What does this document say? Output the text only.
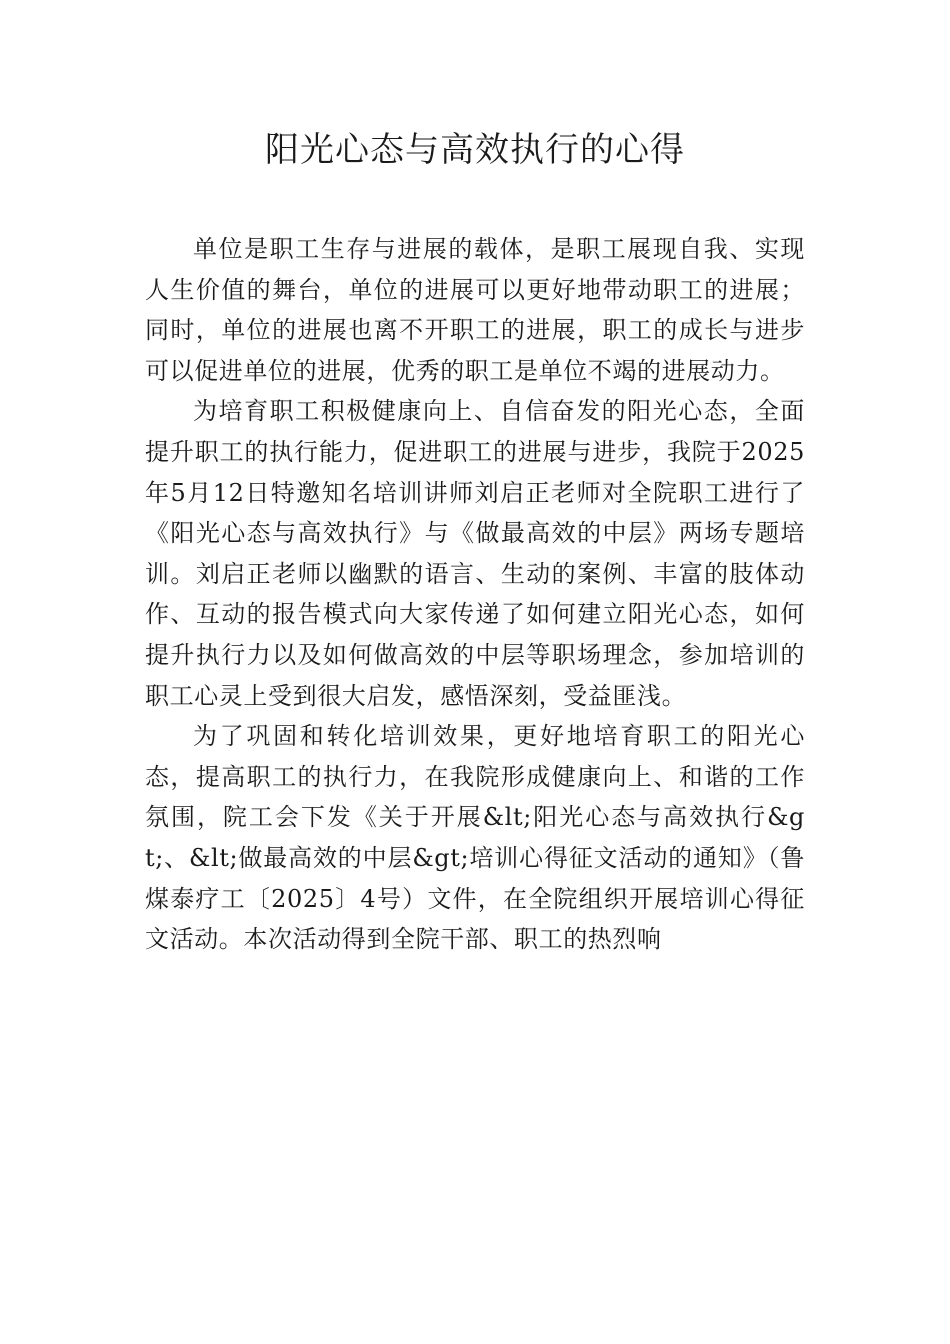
阳光心态与高效执行的心得

单位是职工生存与进展的载体，是职工展现自我、实现人生价值的舞台，单位的进展可以更好地带动职工的进展；同时，单位的进展也离不开职工的进展，职工的成长与进步可以促进单位的进展，优秀的职工是单位不竭的进展动力。

为培育职工积极健康向上、自信奋发的阳光心态，全面提升职工的执行能力，促进职工的进展与进步，我院于2025年5月12日特邀知名培训讲师刘启正老师对全院职工进行了《阳光心态与高效执行》与《做最高效的中层》两场专题培训。刘启正老师以幽默的语言、生动的案例、丰富的肢体动作、互动的报告模式向大家传递了如何建立阳光心态，如何提升执行力以及如何做高效的中层等职场理念，参加培训的职工心灵上受到很大启发，感悟深刻，受益匪浅。

为了巩固和转化培训效果，更好地培育职工的阳光心态，提高职工的执行力，在我院形成健康向上、和谐的工作氛围，院工会下发《关于开展&lt;阳光心态与高效执行&gt;、&lt;做最高效的中层&gt;培训心得征文活动的通知》（鲁煤泰疗工〔2025〕4号）文件，在全院组织开展培训心得征文活动。本次活动得到全院干部、职工的热烈响
